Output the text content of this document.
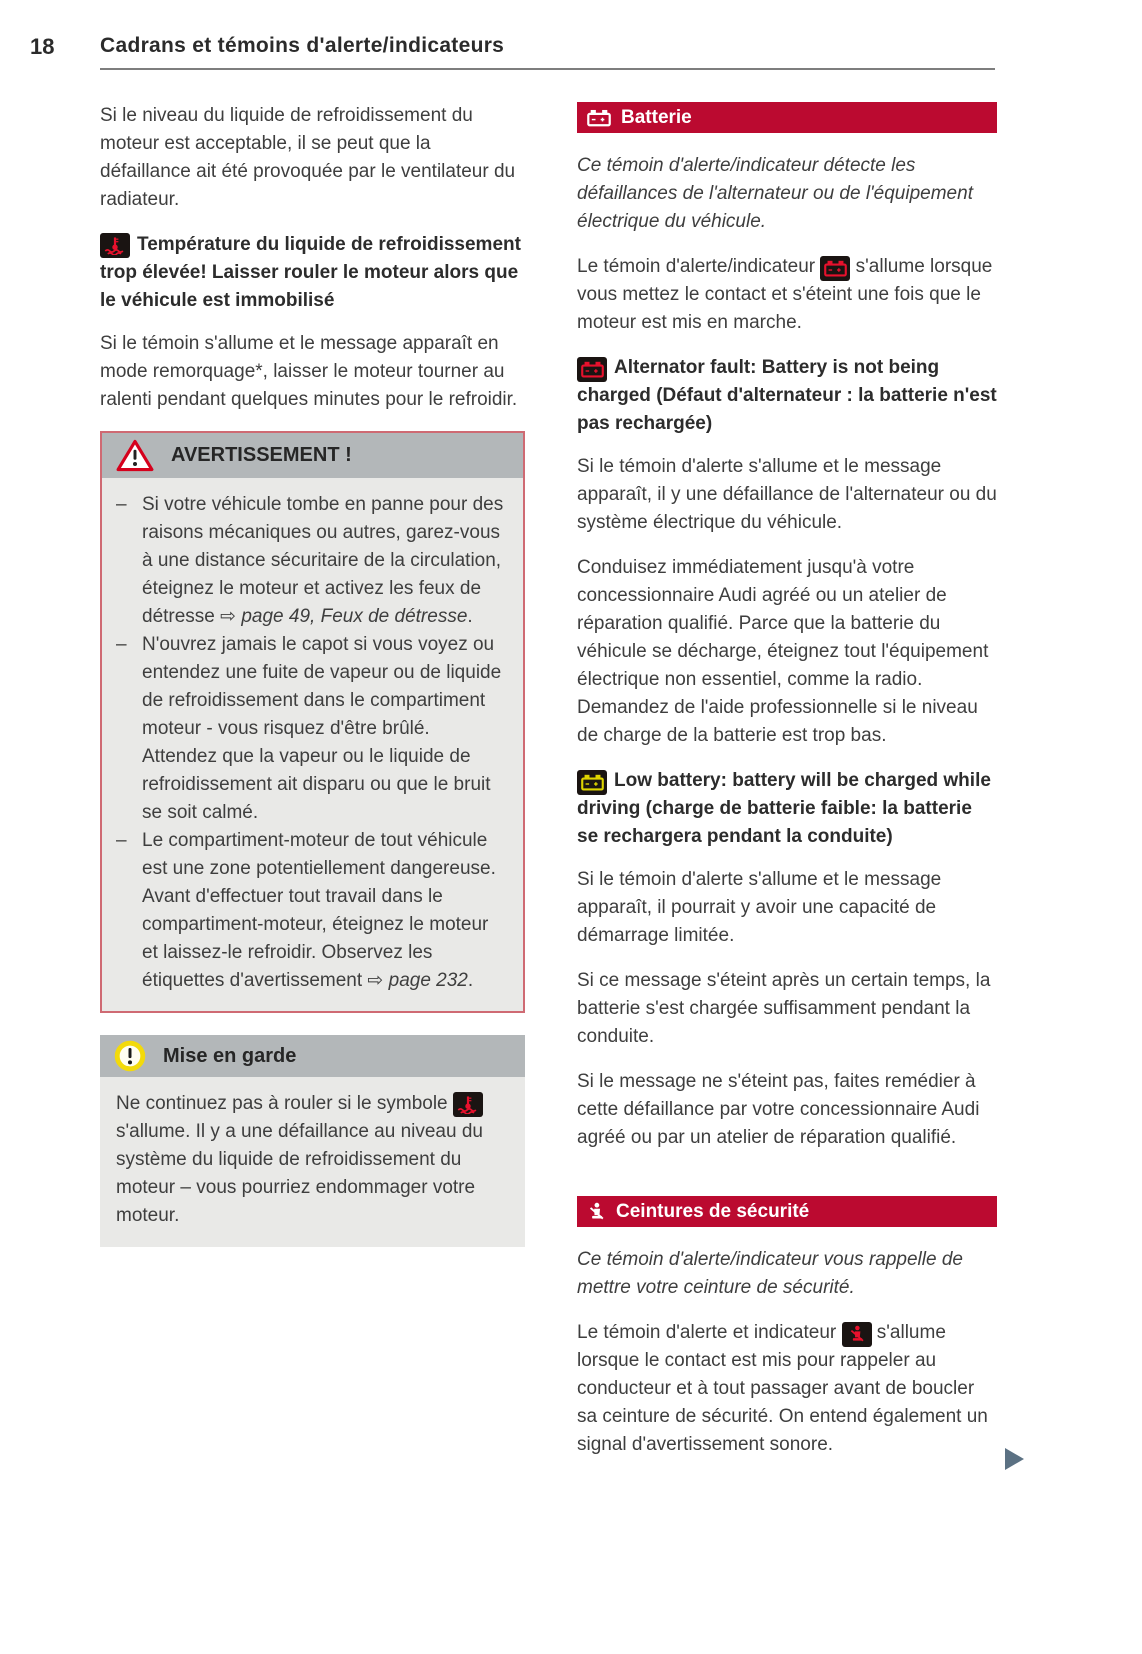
18	Cadrans et témoins d'alerte/indicateurs

Si le niveau du liquide de refroidissement du moteur est acceptable, il se peut que la défaillance ait été provoquée par le ventilateur du radiateur.

Température du liquide de refroidissement trop élevée! Laisser rouler le moteur alors que le véhicule est immobilisé

Si le témoin s'allume et le message apparaît en mode remorquage*, laisser le moteur tourner au ralenti pendant quelques minutes pour le refroidir.

AVERTISSEMENT !
– Si votre véhicule tombe en panne pour des raisons mécaniques ou autres, garez-vous à une distance sécuritaire de la circulation, éteignez le moteur et activez les feux de détresse ⇨ page 49, Feux de détresse.
– N'ouvrez jamais le capot si vous voyez ou entendez une fuite de vapeur ou de liquide de refroidissement dans le compartiment moteur - vous risquez d'être brûlé. Attendez que la vapeur ou le liquide de refroidissement ait disparu ou que le bruit se soit calmé.
– Le compartiment-moteur de tout véhicule est une zone potentiellement dangereuse. Avant d'effectuer tout travail dans le compartiment-moteur, éteignez le moteur et laissez-le refroidir. Observez les étiquettes d'avertissement ⇨ page 232.
Mise en garde
Ne continuez pas à rouler si le symbole
s'allume. Il y a une défaillance au niveau du système du liquide de refroidissement du moteur – vous pourriez endommager votre moteur.
Batterie

Ce témoin d'alerte/indicateur détecte les défaillances de l'alternateur ou de l'équipement électrique du véhicule.

Le témoin d'alerte/indicateur
s'allume lorsque vous mettez le contact et s'éteint une fois que le moteur est mis en marche.

Alternator fault: Battery is not being charged (Défaut d'alternateur : la batterie n'est pas rechargée)

Si le témoin d'alerte s'allume et le message apparaît, il y une défaillance de l'alternateur ou du système électrique du véhicule.

Conduisez immédiatement jusqu'à votre concessionnaire Audi agréé ou un atelier de réparation qualifié. Parce que la batterie du véhicule se décharge, éteignez tout l'équipement électrique non essentiel, comme la radio. Demandez de l'aide professionnelle si le niveau de charge de la batterie est trop bas.

Low battery: battery will be charged while driving (charge de batterie faible: la batterie se rechargera pendant la conduite)

Si le témoin d'alerte s'allume et le message apparaît, il pourrait y avoir une capacité de démarrage limitée.

Si ce message s'éteint après un certain temps, la batterie s'est chargée suffisamment pendant la conduite.

Si le message ne s'éteint pas, faites remédier à cette défaillance par votre concessionnaire Audi agréé ou par un atelier de réparation qualifié.

Ceintures de sécurité

Ce témoin d'alerte/indicateur vous rappelle de mettre votre ceinture de sécurité.

Le témoin d'alerte et indicateur
s'allume lorsque le contact est mis pour rappeler au conducteur et à tout passager avant de boucler sa ceinture de sécurité. On entend également un signal d'avertissement sonore.
